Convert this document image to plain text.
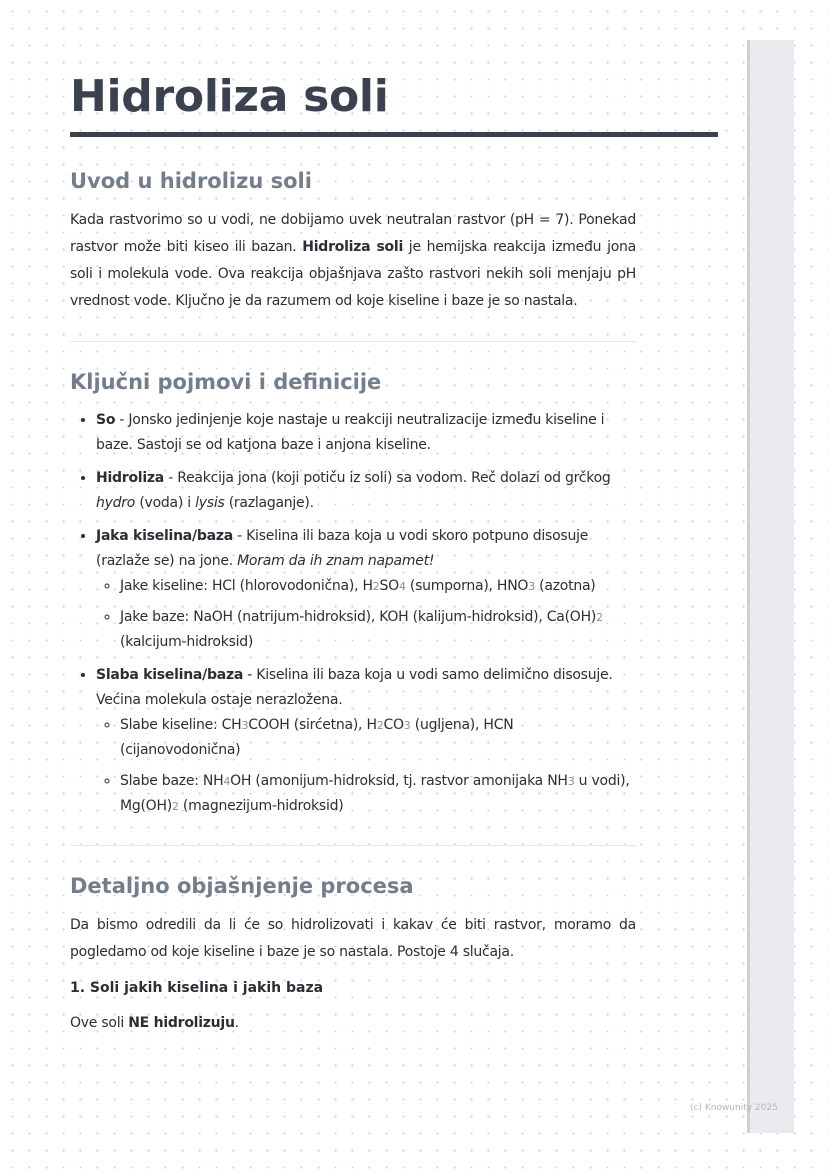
Hidroliza soli
Uvod u hidrolizu soli

Kada rastvorimo so u vodi, ne dobijamo uvek neutralan rastvor (pH = 7). Ponekad rastvor može biti kiseo ili bazan. Hidroliza soli je hemijska reakcija između jona soli i molekula vode. Ova reakcija objašnjava zašto rastvori nekih soli menjaju pH vrednost vode. Ključno je da razumem od koje kiseline i baze je so nastala.

Ključni pojmovi i definicije
• So - Jonsko jedinjenje koje nastaje u reakciji neutralizacije između kiseline i baze. Sastoji se od katjona baze i anjona kiseline.
• Hidroliza - Reakcija jona (koji potiču iz soli) sa vodom. Reč dolazi od grčkog hydro (voda) i lysis (razlaganje).
• Jaka kiselina/baza - Kiselina ili baza koja u vodi skoro potpuno disosuje (razlaže se) na jone. Moram da ih znam napamet!
◦ Jake kiseline: HCl (hlorovodonična), H2SO4 (sumporna), HNO3 (azotna)
◦ Jake baze: NaOH (natrijum-hidroksid), KOH (kalijum-hidroksid), Ca(OH)2 (kalcijum-hidroksid)
• Slaba kiselina/baza - Kiselina ili baza koja u vodi samo delimično disosuje. Većina molekula ostaje nerazložena.
◦ Slabe kiseline: CH3COOH (sirćetna), H2CO3 (ugljena), HCN (cijanovodonična)
◦ Slabe baze: NH4OH (amonijum-hidroksid, tj. rastvor amonijaka NH3 u vodi), Mg(OH)2 (magnezijum-hidroksid)
Detaljno objašnjenje procesa

Da bismo odredili da li će so hidrolizovati i kakav će biti rastvor, moramo da pogledamo od koje kiseline i baze je so nastala. Postoje 4 slučaja.

1. Soli jakih kiselina i jakih baza

Ove soli NE hidrolizuju.

(c) Knowunity 2025
